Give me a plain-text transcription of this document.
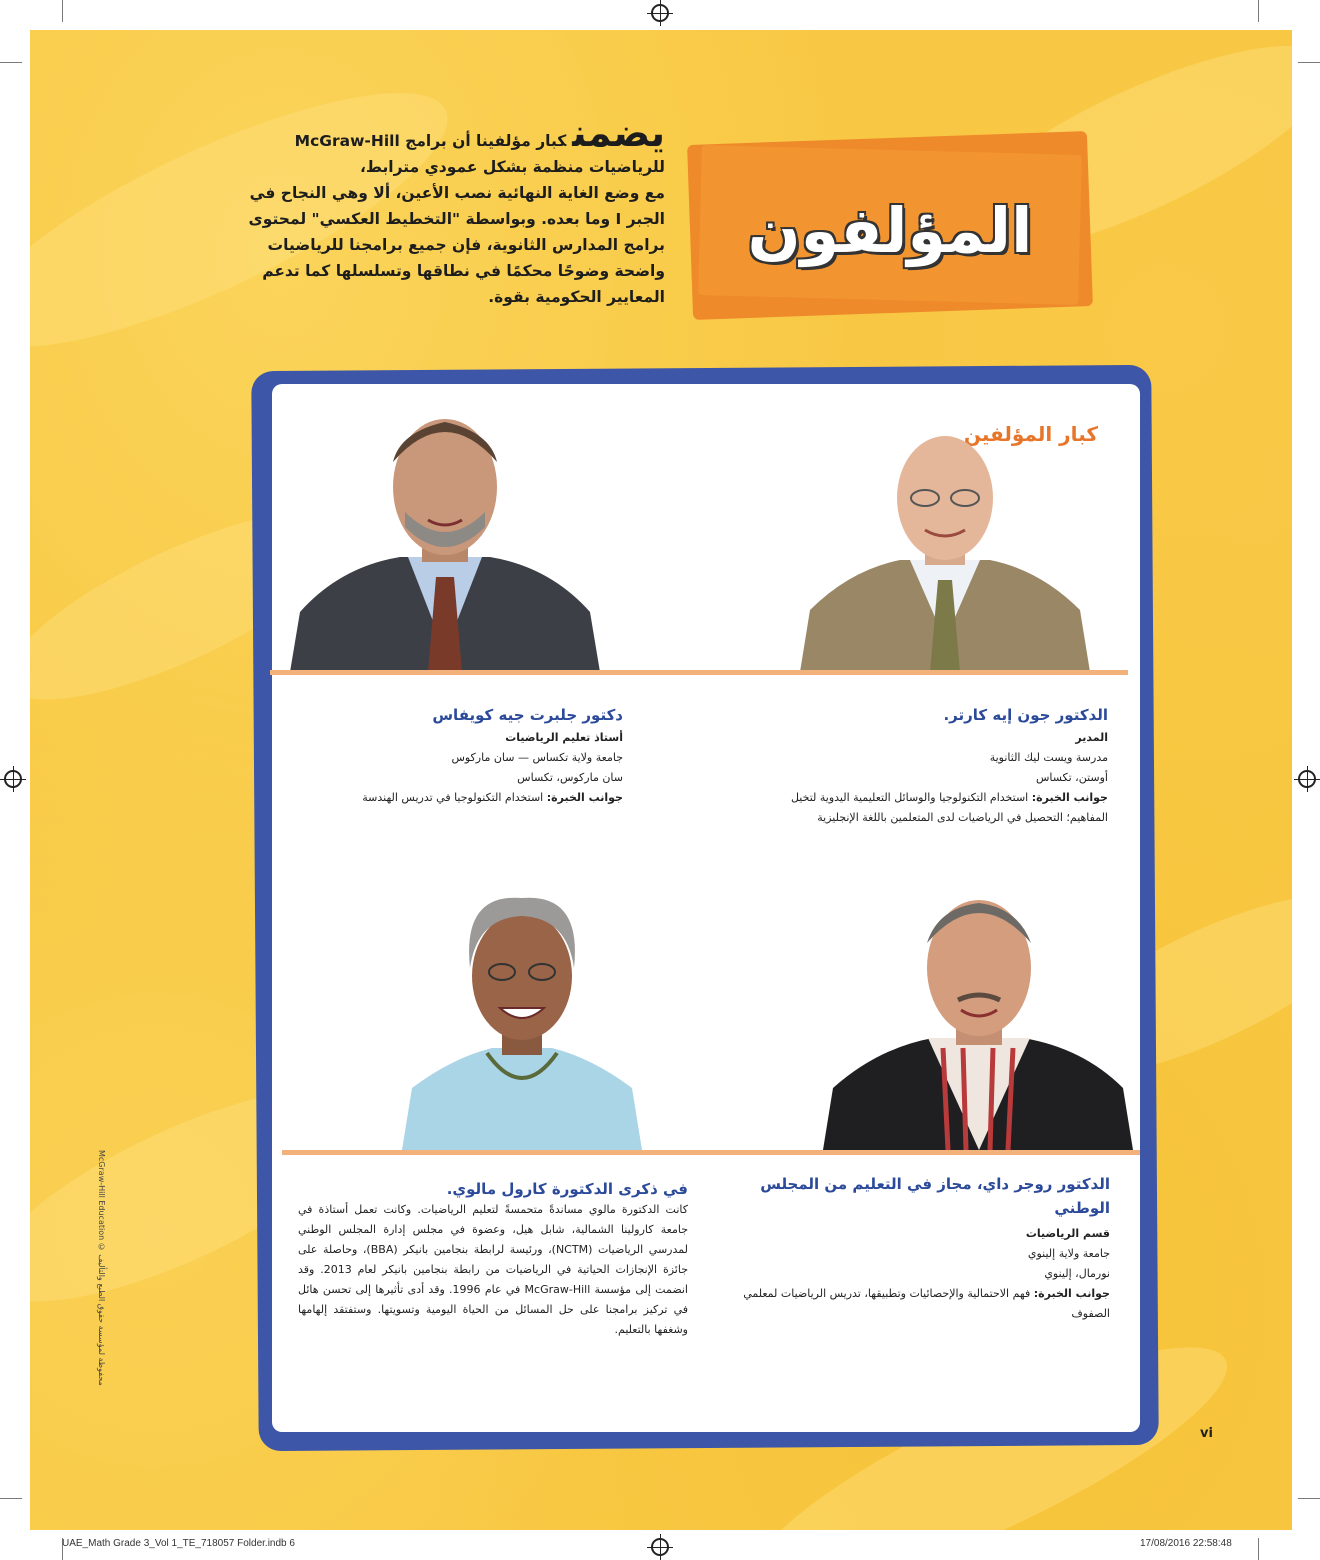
المؤلفون
يضمنكبار مؤلفينا أن برامج McGraw-Hill
للرياضيات منظمة بشكل عمودي مترابط،
مع وضع الغاية النهائية نصب الأعين، ألا وهي النجاح في
الجبر I وما بعده. وبواسطة "التخطيط العكسي" لمحتوى
برامج المدارس الثانوية، فإن جميع برامجنا للرياضيات
واضحة وضوحًا محكمًا في نطاقها وتسلسلها كما تدعم
المعايير الحكومية بقوة.
كبار المؤلفين
الدكتور جون إيه كارتر.
المدير
مدرسة ويست ليك الثانوية
أوستن، تكساس
جوانب الخبرة: استخدام التكنولوجيا والوسائل التعليمية اليدوية لتخيل المفاهيم؛ التحصيل في الرياضيات لدى المتعلمين باللغة الإنجليزية
دكتور جلبرت جيه كويفاس
أستاذ تعليم الرياضيات
جامعة ولاية تكساس — سان ماركوس
سان ماركوس، تكساس
جوانب الخبرة: استخدام التكنولوجيا في تدريس الهندسة
الدكتور روجر داي، مجاز في التعليم من المجلس
الوطني
قسم الرياضيات
جامعة ولاية إلينوي
نورمال، إلينوي
جوانب الخبرة: فهم الاحتمالية والإحصائيات وتطبيقها، تدريس الرياضيات لمعلمي الصفوف
في ذكرى الدكتورة كارول مالوي.
كانت الدكتورة مالوي مساندةً متحمسةً لتعليم الرياضيات. وكانت تعمل أستاذة في جامعة كارولينا الشمالية، شابل هيل، وعضوة في مجلس إدارة المجلس الوطني لمدرسي الرياضيات (NCTM)، ورئيسة لرابطة بنجامين بانيكر (BBA)، وحاصلة على جائزة الإنجازات الحياتية في الرياضيات من رابطة بنجامين بانيكر لعام 2013. وقد انضمت إلى مؤسسة McGraw-Hill في عام 1996. وقد أدى تأثيرها إلى تحسن هائل في تركيز برامجنا على حل المسائل من الحياة اليومية وتسويتها. وستفتقد إلهامها وشغفها بالتعليم.
vi
McGraw-Hill Education © محفوظة لمؤسسة حقوق الطبع والتأليف
UAE_Math Grade 3_Vol 1_TE_718057 Folder.indb 6	17/08/2016 22:58:48
